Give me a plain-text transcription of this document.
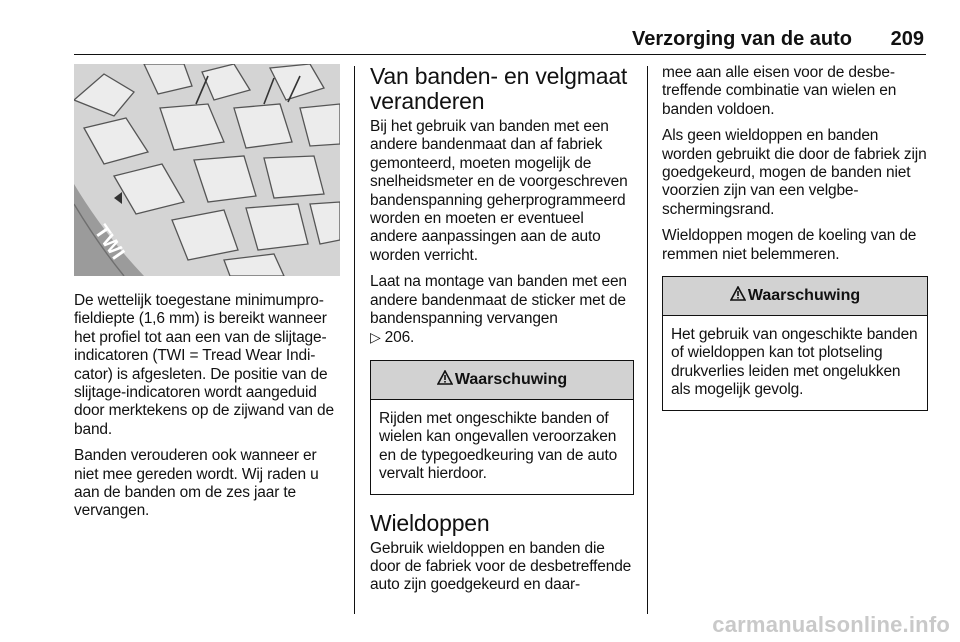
Verzorging van de auto 209
TWI

De wettelijk toegestane minimumprofieldiepte (1,6 mm) is bereikt wanneer het profiel tot aan een van de slijtage-indicatoren (TWI = Tread Wear Indicator) is afgesleten. De positie van de slijtage-indicatoren wordt aangeduid door merktekens op de zijwand van de band.

Banden verouderen ook wanneer er niet mee gereden wordt. Wij raden u aan de banden om de zes jaar te vervangen.

Van banden- en velgmaat veranderen

Bij het gebruik van banden met een andere bandenmaat dan af fabriek gemonteerd, moeten mogelijk de snelheidsmeter en de voorgeschreven bandenspanning geherprogrammeerd worden en moeten er eventueel andere aanpassingen aan de auto worden verricht.

Laat na montage van banden met een andere bandenmaat de sticker met de bandenspanning vervangen

▷ 206.

Waarschuwing

Rijden met ongeschikte banden of wielen kan ongevallen veroorzaken en de typegoedkeuring van de auto vervalt hierdoor.

Wieldoppen

Gebruik wieldoppen en banden die door de fabriek voor de desbetreffende auto zijn goedgekeurd en daar-

mee aan alle eisen voor de desbetreffende combinatie van wielen en banden voldoen.

Als geen wieldoppen en banden worden gebruikt die door de fabriek zijn goedgekeurd, mogen de banden niet voorzien zijn van een velgbeschermingsrand.

Wieldoppen mogen de koeling van de remmen niet belemmeren.

Waarschuwing

Het gebruik van ongeschikte banden of wieldoppen kan tot plotseling drukverlies leiden met ongelukken als mogelijk gevolg.

carmanualsonline.info
